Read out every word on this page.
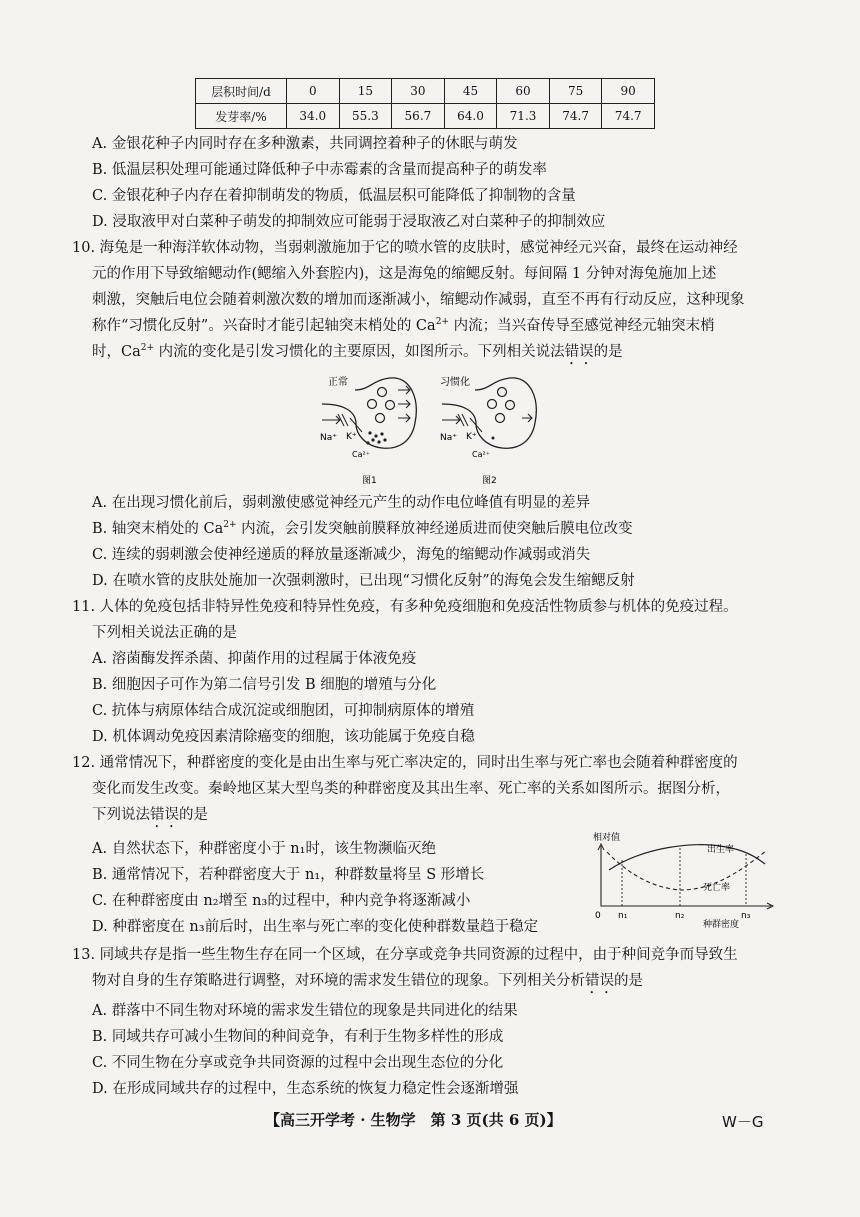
层积时间/d	0	15	30	45	60	75	90
发芽率/%	34.0	55.3	56.7	64.0	71.3	74.7	74.7
A. 金银花种子内同时存在多种激素，共同调控着种子的休眠与萌发
B. 低温层积处理可能通过降低种子中赤霉素的含量而提高种子的萌发率
C. 金银花种子内存在着抑制萌发的物质，低温层积可能降低了抑制物的含量
D. 浸取液甲对白菜种子萌发的抑制效应可能弱于浸取液乙对白菜种子的抑制效应
10. 海兔是一种海洋软体动物，当弱刺激施加于它的喷水管的皮肤时，感觉神经元兴奋，最终在运动神经
元的作用下导致缩鳃动作(鳃缩入外套腔内)，这是海兔的缩鳃反射。每间隔 1 分钟对海兔施加上述
刺激，突触后电位会随着刺激次数的增加而逐渐减小，缩鳃动作减弱，直至不再有行动反应，这种现象
称作“习惯化反射”。兴奋时才能引起轴突末梢处的 $Ca^{2+}$ 内流；当兴奋传导至感觉神经元轴突末梢
时，$Ca^{2+}$ 内流的变化是引发习惯化的主要原因，如图所示。下列相关说法错误的是
正常
Na⁺ K⁺
Ca²⁺
图1
习惯化
Na⁺ K⁺
Ca²⁺
图2
A. 在出现习惯化前后，弱刺激使感觉神经元产生的动作电位峰值有明显的差异
B. 轴突末梢处的 $Ca^{2+}$ 内流，会引发突触前膜释放神经递质进而使突触后膜电位改变
C. 连续的弱刺激会使神经递质的释放量逐渐减少，海兔的缩鳃动作减弱或消失
D. 在喷水管的皮肤处施加一次强刺激时，已出现“习惯化反射”的海兔会发生缩鳃反射
11. 人体的免疫包括非特异性免疫和特异性免疫，有多种免疫细胞和免疫活性物质参与机体的免疫过程。
下列相关说法正确的是
A. 溶菌酶发挥杀菌、抑菌作用的过程属于体液免疫
B. 细胞因子可作为第二信号引发 B 细胞的增殖与分化
C. 抗体与病原体结合成沉淀或细胞团，可抑制病原体的增殖
D. 机体调动免疫因素清除癌变的细胞，该功能属于免疫自稳
12. 通常情况下，种群密度的变化是由出生率与死亡率决定的，同时出生率与死亡率也会随着种群密度的
变化而发生改变。秦岭地区某大型鸟类的种群密度及其出生率、死亡率的关系如图所示。据图分析，
下列说法错误的是
A. 自然状态下，种群密度小于 n₁时，该生物濒临灭绝
B. 通常情况下，若种群密度大于 n₁，种群数量将呈 S 形增长
C. 在种群密度由 n₂增至 n₃的过程中，种内竞争将逐渐减小
D. 种群密度在 n₃前后时，出生率与死亡率的变化使种群数量趋于稳定
相对值
出生率
死亡率
0 n₁	n₂	n₃
种群密度
13. 同域共存是指一些生物生存在同一个区域，在分享或竞争共同资源的过程中，由于种间竞争而导致生
物对自身的生存策略进行调整，对环境的需求发生错位的现象。下列相关分析错误的是
A. 群落中不同生物对环境的需求发生错位的现象是共同进化的结果
B. 同域共存可减小生物间的种间竞争，有利于生物多样性的形成
C. 不同生物在分享或竞争共同资源的过程中会出现生态位的分化
D. 在形成同域共存的过程中，生态系统的恢复力稳定性会逐渐增强
【高三开学考 · 生物学　第 3 页(共 6 页)】	W－G
